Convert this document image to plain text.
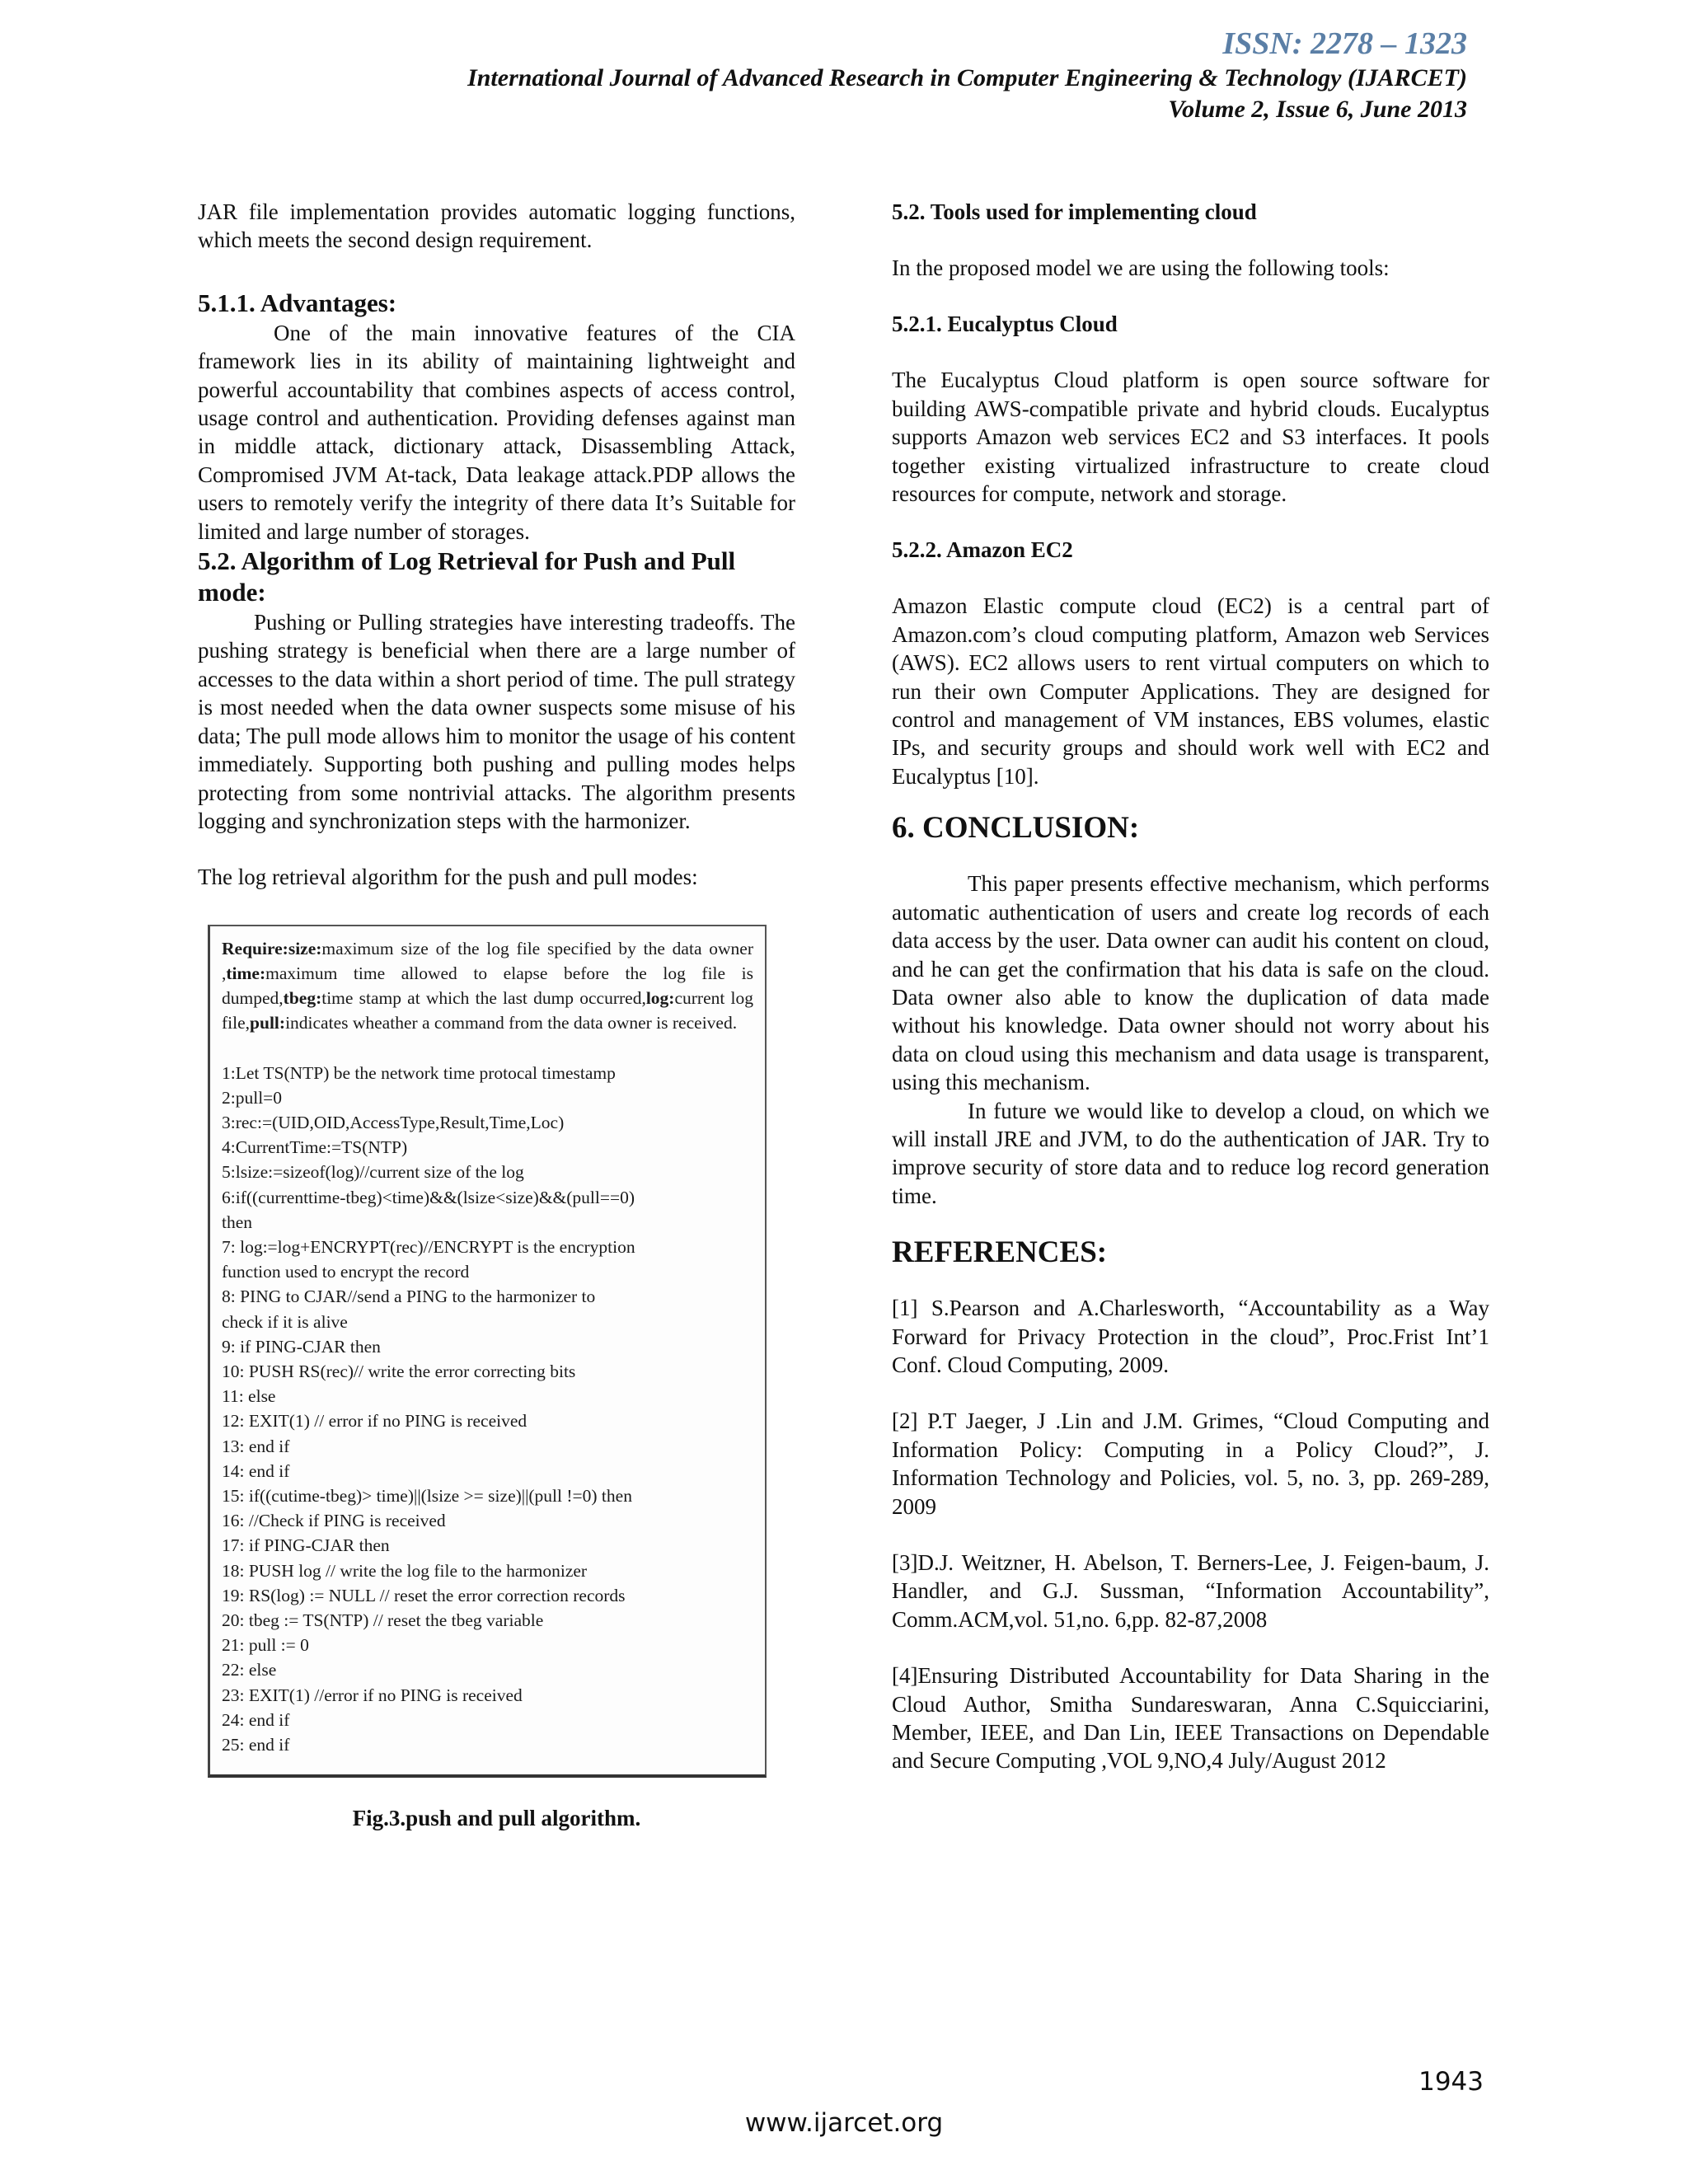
ISSN: 2278 – 1323
International Journal of Advanced Research in Computer Engineering & Technology (IJARCET)
Volume 2, Issue 6, June 2013

JAR file implementation provides automatic logging functions, which meets the second design requirement.

5.1.1. Advantages:

One of the main innovative features of the CIA framework lies in its ability of maintaining lightweight and powerful accountability that combines aspects of access control, usage control and authentication. Providing defenses against man in middle attack, dictionary attack, Disassembling Attack, Compromised JVM At-tack, Data leakage attack.PDP allows the users to remotely verify the integrity of there data It’s Suitable for limited and large number of storages.

5.2. Algorithm of Log Retrieval for Push and Pull mode:

Pushing or Pulling strategies have interesting tradeoffs. The pushing strategy is beneficial when there are a large number of accesses to the data within a short period of time. The pull strategy is most needed when the data owner suspects some misuse of his data; The pull mode allows him to monitor the usage of his content immediately. Supporting both pushing and pulling modes helps protecting from some nontrivial attacks. The algorithm presents logging and synchronization steps with the harmonizer.

The log retrieval algorithm for the push and pull modes:

Require:size:maximum size of the log file specified by the data owner ,time:maximum time allowed to elapse before the log file is dumped,tbeg:time stamp at which the last dump occurred,log:current log file,pull:indicates wheather a command from the data owner is received.

1:Let TS(NTP) be the network time protocal timestamp

2:pull=0

3:rec:=(UID,OID,AccessType,Result,Time,Loc)

4:CurrentTime:=TS(NTP)

5:lsize:=sizeof(log)//current size of the log

6:if((currenttime-tbeg)<time)&&(lsize<size)&&(pull==0)

then

7: log:=log+ENCRYPT(rec)//ENCRYPT is the encryption

function used to encrypt the record

8: PING to CJAR//send a PING to the harmonizer to

check if it is alive

9: if PING-CJAR then

10: PUSH RS(rec)// write the error correcting bits

11: else

12: EXIT(1) // error if no PING is received

13: end if

14: end if

15: if((cutime-tbeg)> time)||(lsize >= size)||(pull !=0) then

16: //Check if PING is received

17: if PING-CJAR then

18: PUSH log // write the log file to the harmonizer

19: RS(log) := NULL // reset the error correction records

20: tbeg := TS(NTP) // reset the tbeg variable

21: pull := 0

22: else

23: EXIT(1) //error if no PING is received

24: end if

25: end if

Fig.3.push and pull algorithm.
5.2. Tools used for implementing cloud

In the proposed model we are using the following tools:

5.2.1. Eucalyptus Cloud

The Eucalyptus Cloud platform is open source software for building AWS-compatible private and hybrid clouds. Eucalyptus supports Amazon web services EC2 and S3 interfaces. It pools together existing virtualized infrastructure to create cloud resources for compute, network and storage.

5.2.2. Amazon EC2

Amazon Elastic compute cloud (EC2) is a central part of Amazon.com’s cloud computing platform, Amazon web Services (AWS). EC2 allows users to rent virtual computers on which to run their own Computer Applications. They are designed for control and management of VM instances, EBS volumes, elastic IPs, and security groups and should work well with EC2 and Eucalyptus [10].

6. CONCLUSION:

This paper presents effective mechanism, which performs automatic authentication of users and create log records of each data access by the user. Data owner can audit his content on cloud, and he can get the confirmation that his data is safe on the cloud. Data owner also able to know the duplication of data made without his knowledge. Data owner should not worry about his data on cloud using this mechanism and data usage is transparent, using this mechanism.

In future we would like to develop a cloud, on which we will install JRE and JVM, to do the authentication of JAR. Try to improve security of store data and to reduce log record generation time.

REFERENCES:

[1] S.Pearson and A.Charlesworth, “Accountability as a Way Forward for Privacy Protection in the cloud”, Proc.Frist Int’1 Conf. Cloud Computing, 2009.

[2] P.T Jaeger, J .Lin and J.M. Grimes, “Cloud Computing and Information Policy: Computing in a Policy Cloud?”, J. Information Technology and Policies, vol. 5, no. 3, pp. 269-289, 2009

[3]D.J. Weitzner, H. Abelson, T. Berners-Lee, J. Feigen-baum, J. Handler, and G.J. Sussman, “Information Accountability”, Comm.ACM,vol. 51,no. 6,pp. 82-87,2008

[4]Ensuring Distributed Accountability for Data Sharing in the Cloud Author, Smitha Sundareswaran, Anna C.Squicciarini, Member, IEEE, and Dan Lin, IEEE Transactions on Dependable and Secure Computing ,VOL 9,NO,4 July/August 2012

1943
www.ijarcet.org
